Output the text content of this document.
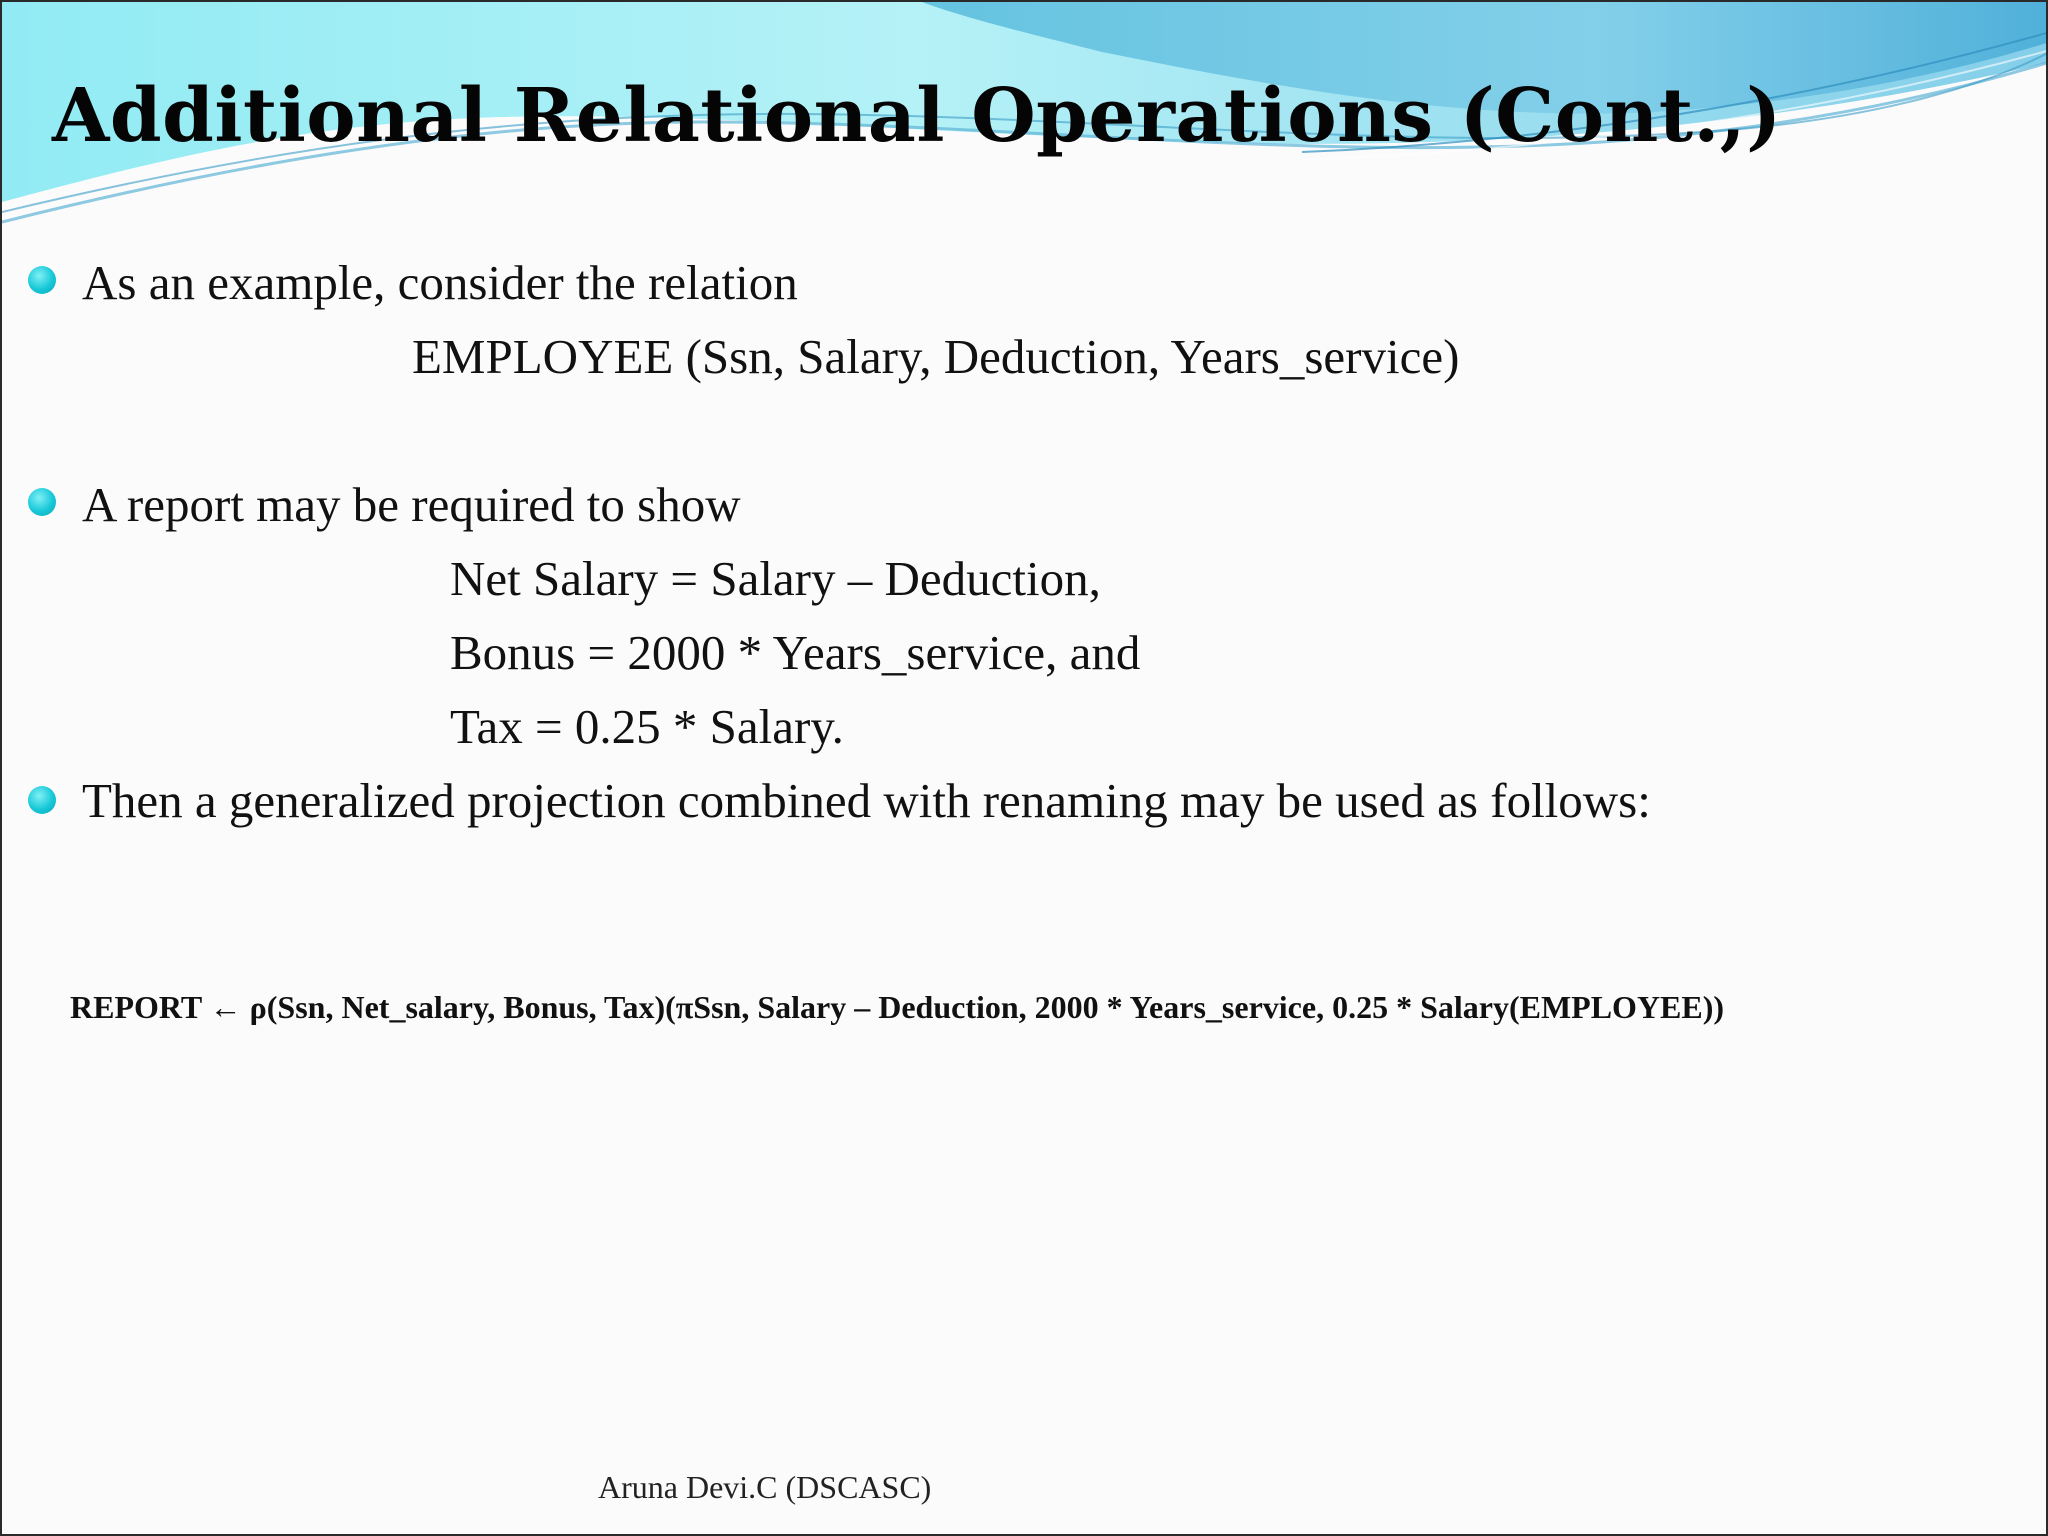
Additional Relational Operations (Cont.,)
As an example, consider the relation
EMPLOYEE (Ssn, Salary, Deduction, Years_service)
A report may be required to show
Net Salary = Salary – Deduction,
Bonus = 2000 * Years_service, and
Tax = 0.25 * Salary.
Then a generalized projection combined with renaming may be used as follows:
REPORT ← ρ(Ssn, Net_salary, Bonus, Tax)(πSsn, Salary – Deduction, 2000 * Years_service, 0.25 * Salary(EMPLOYEE))
Aruna Devi.C (DSCASC)
